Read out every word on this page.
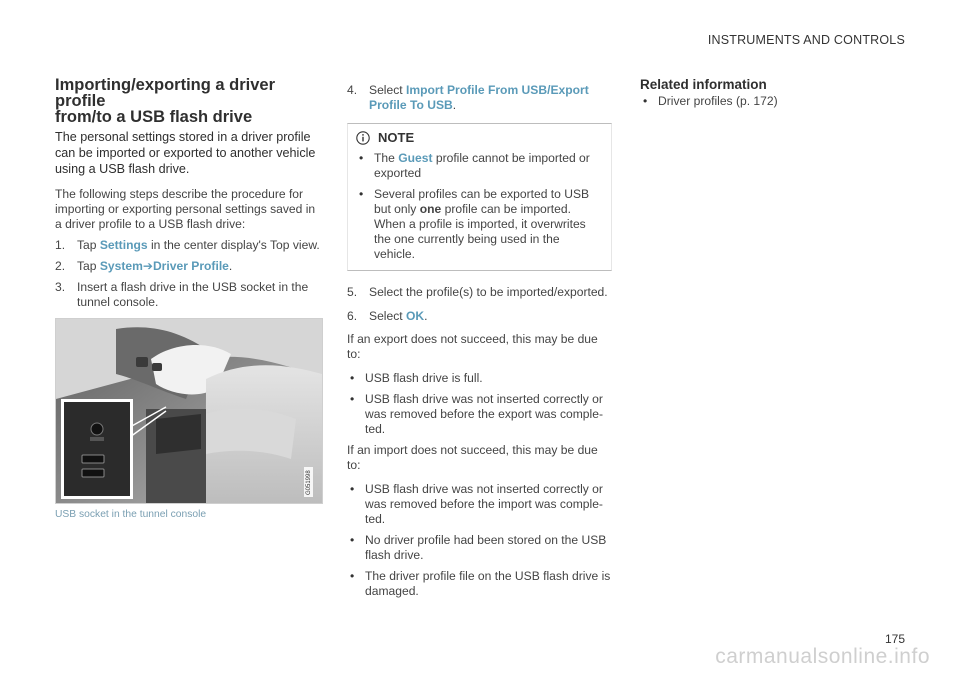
INSTRUMENTS AND CONTROLS
Importing/exporting a driver profile
from/to a USB flash drive

The personal settings stored in a driver profile can be imported or exported to another vehicle using a USB flash drive.

The following steps describe the procedure for importing or exporting personal settings saved in a driver profile to a USB flash drive:

1. Tap Settings in the center display's Top view.
2. Tap System➔Driver Profile.
3. Insert a flash drive in the USB socket in the tunnel console.
G051998
USB socket in the tunnel console
4. Select Import Profile From USB/Export Profile To USB.
NOTE
• The Guest profile cannot be imported or exported
• Several profiles can be exported to USB but only one profile can be imported. When a profile is imported, it overwrites the one currently being used in the vehicle.
5. Select the profile(s) to be imported/exported.
6. Select OK.

If an export does not succeed, this may be due to:

• USB flash drive is full.
• USB flash drive was not inserted correctly or was removed before the export was completed.

If an import does not succeed, this may be due to:

• USB flash drive was not inserted correctly or was removed before the import was completed.
• No driver profile had been stored on the USB flash drive.
• The driver profile file on the USB flash drive is damaged.
Related information
• Driver profiles (p. 172)
175
carmanualsonline.info
